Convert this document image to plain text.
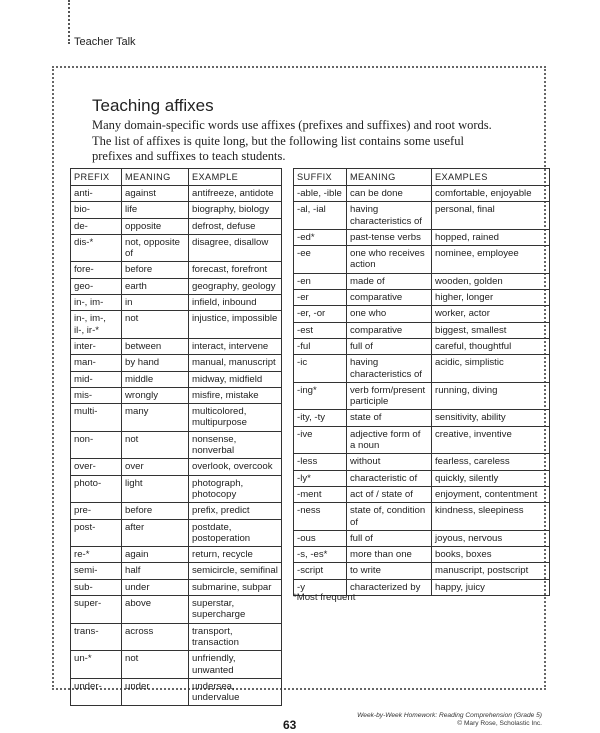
Teacher Talk
Teaching affixes
Many domain-specific words use affixes (prefixes and suffixes) and root words. The list of affixes is quite long, but the following list contains some useful prefixes and suffixes to teach students.
PREFIX	MEANING	EXAMPLE
anti-	against	antifreeze, antidote
bio-	life	biography, biology
de-	opposite	defrost, defuse
dis-*	not, opposite of	disagree, disallow
fore-	before	forecast, forefront
geo-	earth	geography, geology
in-, im-	in	infield, inbound
in-, im-, il-, ir-*	not	injustice, impossible
inter-	between	interact, intervene
man-	by hand	manual, manuscript
mid-	middle	midway, midfield
mis-	wrongly	misfire, mistake
multi-	many	multicolored, multipurpose
non-	not	nonsense, nonverbal
over-	over	overlook, overcook
photo-	light	photograph, photocopy
pre-	before	prefix, predict
post-	after	postdate, postoperation
re-*	again	return, recycle
semi-	half	semicircle, semifinal
sub-	under	submarine, subpar
super-	above	superstar, supercharge
trans-	across	transport, transaction
un-*	not	unfriendly, unwanted
under-	under	undersea, undervalue
SUFFIX	MEANING	EXAMPLES
-able, -ible	can be done	comfortable, enjoyable
-al, -ial	having characteristics of	personal, final
-ed*	past-tense verbs	hopped, rained
-ee	one who receives action	nominee, employee
-en	made of	wooden, golden
-er	comparative	higher, longer
-er, -or	one who	worker, actor
-est	comparative	biggest, smallest
-ful	full of	careful, thoughtful
-ic	having characteristics of	acidic, simplistic
-ing*	verb form/present participle	running, diving
-ity, -ty	state of	sensitivity, ability
-ive	adjective form of a noun	creative, inventive
-less	without	fearless, careless
-ly*	characteristic of	quickly, silently
-ment	act of / state of	enjoyment, contentment
-ness	state of, condition of	kindness, sleepiness
-ous	full of	joyous, nervous
-s, -es*	more than one	books, boxes
-script	to write	manuscript, postscript
-y	characterized by	happy, juicy
*Most frequent
63
Week-by-Week Homework: Reading Comprehension (Grade 5)
© Mary Rose, Scholastic Inc.
